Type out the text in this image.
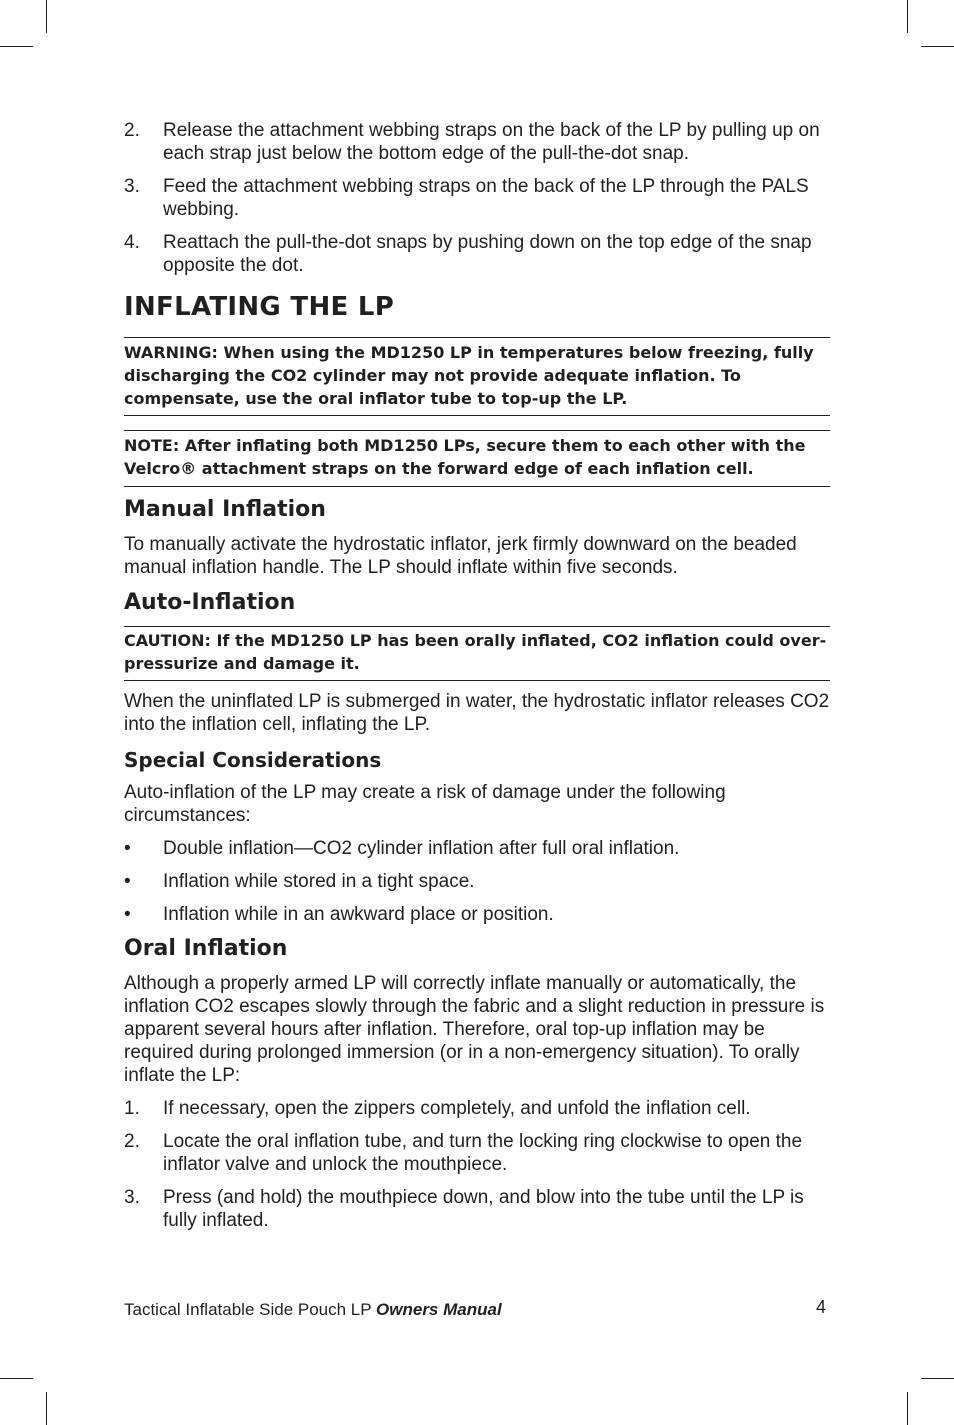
2.	Release the attachment webbing straps on the back of the LP by pulling up on each strap just below the bottom edge of the pull-the-dot snap.
3.	Feed the attachment webbing straps on the back of the LP through the PALS webbing.
4.	Reattach the pull-the-dot snaps by pushing down on the top edge of the snap opposite the dot.
INFLATING THE LP

WARNING: When using the MD1250 LP in temperatures below freezing, fully discharging the CO2 cylinder may not provide adequate inflation. To compensate, use the oral inflator tube to top-up the LP.

NOTE: After inflating both MD1250 LPs, secure them to each other with the Velcro® attachment straps on the forward edge of each inflation cell.

Manual Inflation

To manually activate the hydrostatic inflator, jerk firmly downward on the beaded manual inflation handle. The LP should inflate within five seconds.

Auto-Inflation

CAUTION: If the MD1250 LP has been orally inflated, CO2 inflation could over-pressurize and damage it.

When the uninflated LP is submerged in water, the hydrostatic inflator releases CO2 into the inflation cell, inflating the LP.

Special Considerations

Auto-inflation of the LP may create a risk of damage under the following circumstances:

•	Double inflation—CO2 cylinder inflation after full oral inflation.
•	Inflation while stored in a tight space.
•	Inflation while in an awkward place or position.
Oral Inflation

Although a properly armed LP will correctly inflate manually or automatically, the inflation CO2 escapes slowly through the fabric and a slight reduction in pressure is apparent several hours after inflation. Therefore, oral top-up inflation may be required during prolonged immersion (or in a non-emergency situation). To orally inflate the LP:

1.	If necessary, open the zippers completely, and unfold the inflation cell.
2.	Locate the oral inflation tube, and turn the locking ring clockwise to open the inflator valve and unlock the mouthpiece.
3.	Press (and hold) the mouthpiece down, and blow into the tube until the LP is fully inflated.
Tactical Inflatable Side Pouch LP Owners Manual	4
